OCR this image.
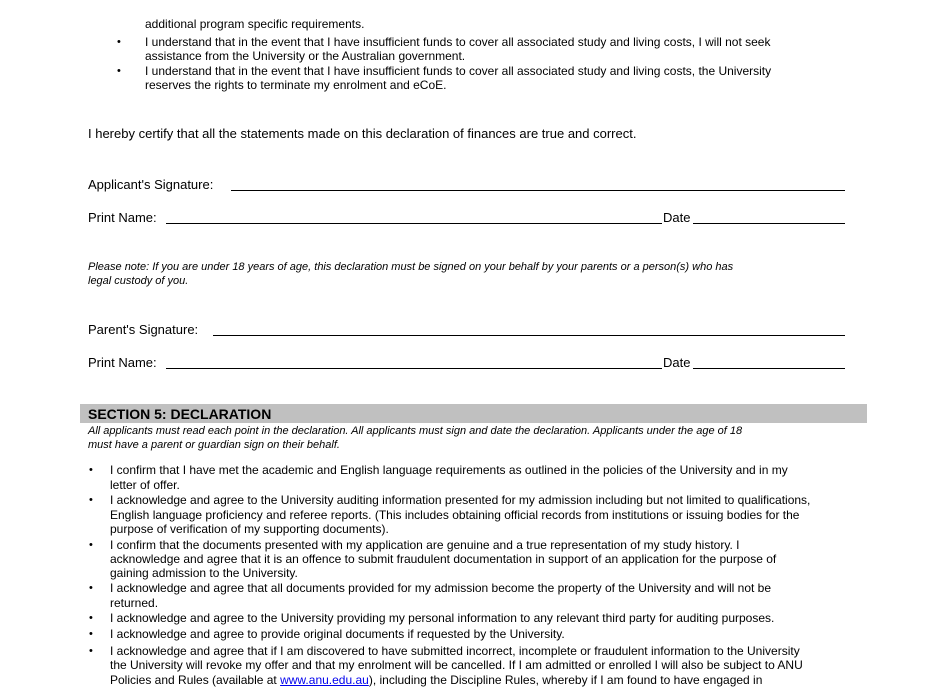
additional program specific requirements.
• I understand that in the event that I have insufficient funds to cover all associated study and living costs, I will not seek
assistance from the University or the Australian government.
• I understand that in the event that I have insufficient funds to cover all associated study and living costs, the University
reserves the rights to terminate my enrolment and eCoE.
I hereby certify that all the statements made on this declaration of finances are true and correct.
Applicant's Signature:
Print Name:	Date
Please note: If you are under 18 years of age, this declaration must be signed on your behalf by your parents or a person(s) who has
legal custody of you.
Parent's Signature:
Print Name:	Date
SECTION 5: DECLARATION
All applicants must read each point in the declaration. All applicants must sign and date the declaration. Applicants under the age of 18
must have a parent or guardian sign on their behalf.
• I confirm that I have met the academic and English language requirements as outlined in the policies of the University and in my
letter of offer.
• I acknowledge and agree to the University auditing information presented for my admission including but not limited to qualifications,
English language proficiency and referee reports. (This includes obtaining official records from institutions or issuing bodies for the
purpose of verification of my supporting documents).
• I confirm that the documents presented with my application are genuine and a true representation of my study history. I
acknowledge and agree that it is an offence to submit fraudulent documentation in support of an application for the purpose of
gaining admission to the University.
• I acknowledge and agree that all documents provided for my admission become the property of the University and will not be
returned.
• I acknowledge and agree to the University providing my personal information to any relevant third party for auditing purposes.
• I acknowledge and agree to provide original documents if requested by the University.
• I acknowledge and agree that if I am discovered to have submitted incorrect, incomplete or fraudulent information to the University
the University will revoke my offer and that my enrolment will be cancelled. If I am admitted or enrolled I will also be subject to ANU
Policies and Rules (available at www.anu.edu.au), including the Discipline Rules, whereby if I am found to have engaged in
